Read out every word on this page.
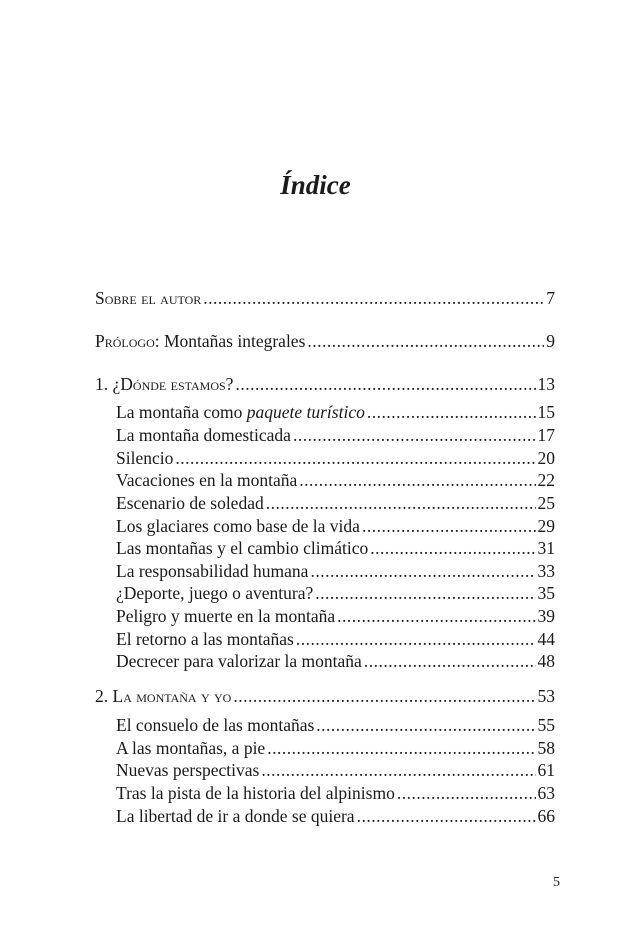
Índice
Sobre el autor .....	7
Prólogo: Montañas integrales .....	9
1. ¿Dónde estamos? .....	13
La montaña como paquete turístico .....	15
La montaña domesticada .....	17
Silencio .....	20
Vacaciones en la montaña .....	22
Escenario de soledad .....	25
Los glaciares como base de la vida .....	29
Las montañas y el cambio climático .....	31
La responsabilidad humana .....	33
¿Deporte, juego o aventura? .....	35
Peligro y muerte en la montaña .....	39
El retorno a las montañas .....	44
Decrecer para valorizar la montaña .....	48
2. La montaña y yo .....	53
El consuelo de las montañas .....	55
A las montañas, a pie .....	58
Nuevas perspectivas .....	61
Tras la pista de la historia del alpinismo .....	63
La libertad de ir a donde se quiera .....	66
5
